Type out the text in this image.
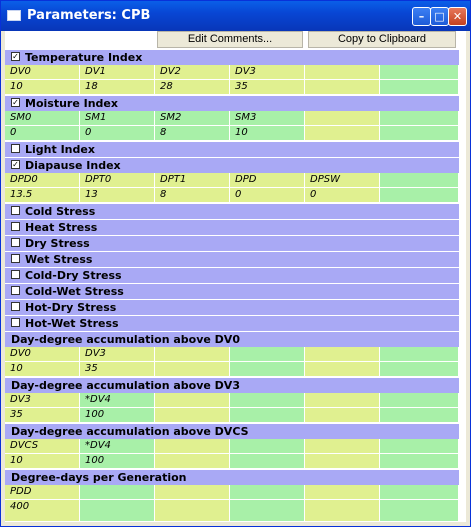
Parameters: CPB	– □ ✕
Edit Comments...	Copy to Clipboard
✓ Temperature Index
DV0	DV1	DV2	DV3
10	18	28	35
✓ Moisture Index
SM0	SM1	SM2	SM3
0	0	8	10
Light Index
✓ Diapause Index
DPD0	DPT0	DPT1	DPD	DPSW
13.5	13	8	0	0
Cold Stress
Heat Stress
Dry Stress
Wet Stress
Cold-Dry Stress
Cold-Wet Stress
Hot-Dry Stress
Hot-Wet Stress
Day-degree accumulation above DV0
DV0	DV3
10	35
Day-degree accumulation above DV3
DV3	*DV4
35	100
Day-degree accumulation above DVCS
DVCS	*DV4
10	100
Degree-days per Generation
PDD
400
